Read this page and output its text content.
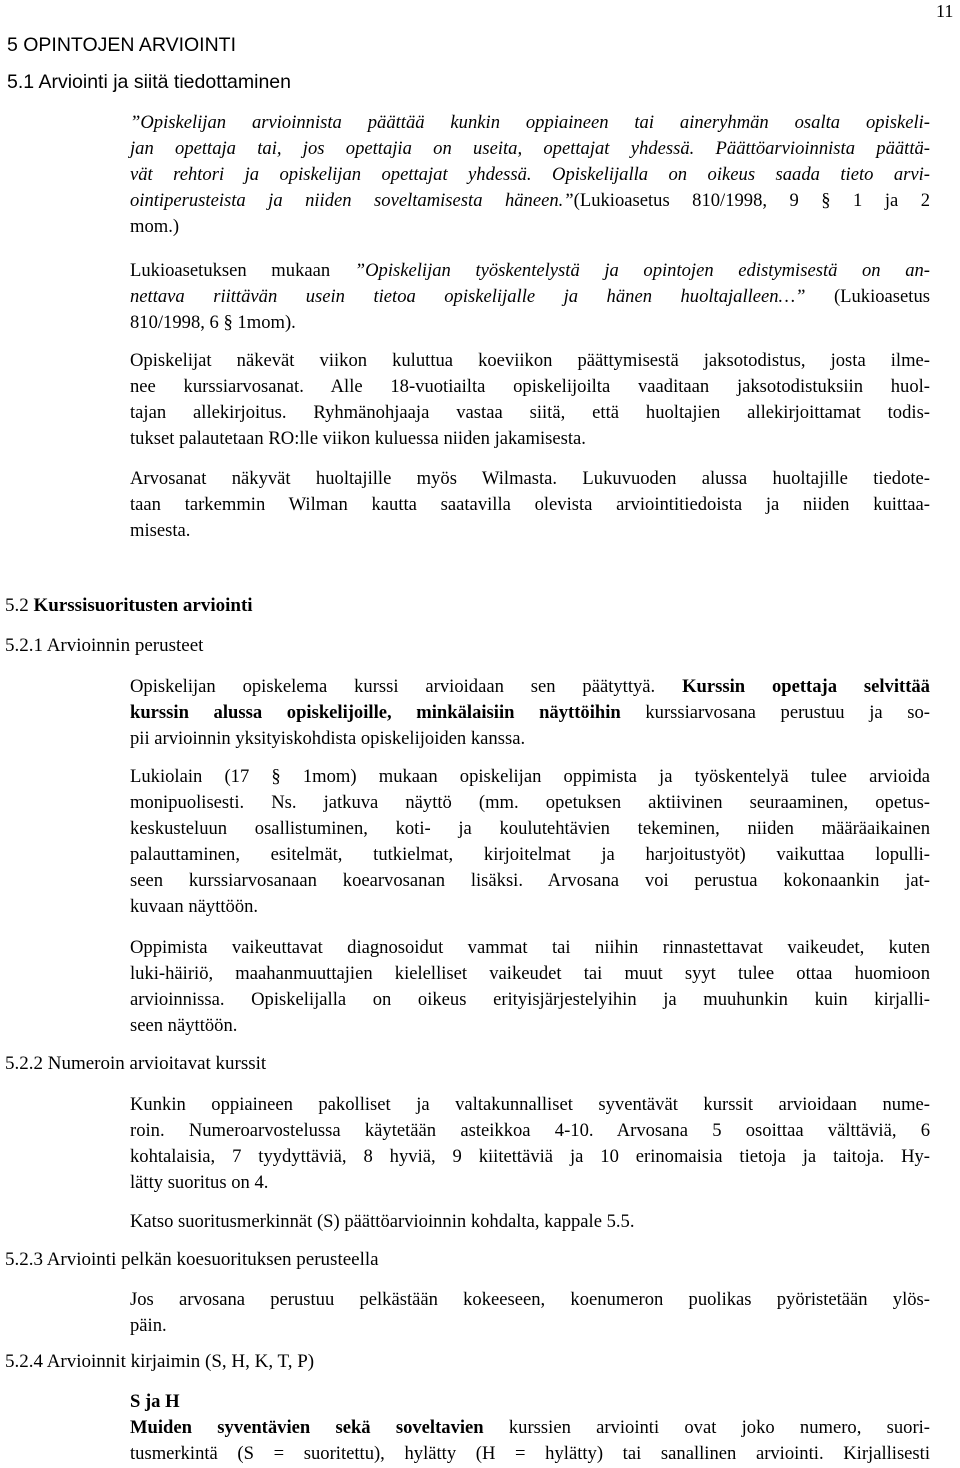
11
5 OPINTOJEN ARVIOINTI
5.1 Arviointi ja siitä tiedottaminen
”Opiskelijan arvioinnista päättää kunkin oppiaineen tai aineryhmän osalta opiskeli-
jan opettaja tai, jos opettajia on useita, opettajat yhdessä. Päättöarvioinnista päättä-
vät rehtori ja opiskelijan opettajat yhdessä. Opiskelijalla on oikeus saada tieto arvi-
ointiperusteista ja niiden soveltamisesta häneen.”(Lukioasetus 810/1998, 9 § 1 ja 2
mom.)
Lukioasetuksen mukaan ”Opiskelijan työskentelystä ja opintojen edistymisestä on an-
nettava riittävän usein tietoa opiskelijalle ja hänen huoltajalleen…” (Lukioasetus
810/1998, 6 § 1mom).
Opiskelijat näkevät viikon kuluttua koeviikon päättymisestä jaksotodistus, josta ilme-
nee kurssiarvosanat. Alle 18-vuotiailta opiskelijoilta vaaditaan jaksotodistuksiin huol-
tajan allekirjoitus. Ryhmänohjaaja vastaa siitä, että huoltajien allekirjoittamat todis-
tukset palautetaan RO:lle viikon kuluessa niiden jakamisesta.
Arvosanat näkyvät huoltajille myös Wilmasta. Lukuvuoden alussa huoltajille tiedote-
taan tarkemmin Wilman kautta saatavilla olevista arviointitiedoista ja niiden kuittaa-
misesta.
5.2 Kurssisuoritusten arviointi
5.2.1 Arvioinnin perusteet
Opiskelijan opiskelema kurssi arvioidaan sen päätyttyä. Kurssin opettaja selvittää
kurssin alussa opiskelijoille, minkälaisiin näyttöihin kurssiarvosana perustuu ja so-
pii arvioinnin yksityiskohdista opiskelijoiden kanssa.
Lukiolain (17 § 1mom) mukaan opiskelijan oppimista ja työskentelyä tulee arvioida
monipuolisesti. Ns. jatkuva näyttö (mm. opetuksen aktiivinen seuraaminen, opetus-
keskusteluun osallistuminen, koti- ja koulutehtävien tekeminen, niiden määräaikainen
palauttaminen, esitelmät, tutkielmat, kirjoitelmat ja harjoitustyöt) vaikuttaa lopulli-
seen kurssiarvosanaan koearvosanan lisäksi. Arvosana voi perustua kokonaankin jat-
kuvaan näyttöön.
Oppimista vaikeuttavat diagnosoidut vammat tai niihin rinnastettavat vaikeudet, kuten
luki-häiriö, maahanmuuttajien kielelliset vaikeudet tai muut syyt tulee ottaa huomioon
arvioinnissa. Opiskelijalla on oikeus erityisjärjestelyihin ja muuhunkin kuin kirjalli-
seen näyttöön.
5.2.2 Numeroin arvioitavat kurssit
Kunkin oppiaineen pakolliset ja valtakunnalliset syventävät kurssit arvioidaan nume-
roin. Numeroarvostelussa käytetään asteikkoa 4-10. Arvosana 5 osoittaa välttäviä, 6
kohtalaisia, 7 tyydyttäviä, 8 hyviä, 9 kiitettäviä ja 10 erinomaisia tietoja ja taitoja. Hy-
lätty suoritus on 4.
Katso suoritusmerkinnät (S) päättöarvioinnin kohdalta, kappale 5.5.
5.2.3 Arviointi pelkän koesuorituksen perusteella
Jos arvosana perustuu pelkästään kokeeseen, koenumeron puolikas pyöristetään ylös-
päin.
5.2.4 Arvioinnit kirjaimin (S, H, K, T, P)
S ja H
Muiden syventävien sekä soveltavien kurssien arviointi ovat joko numero, suori-
tusmerkintä (S = suoritettu), hylätty (H = hylätty) tai sanallinen arviointi. Kirjallisesti
